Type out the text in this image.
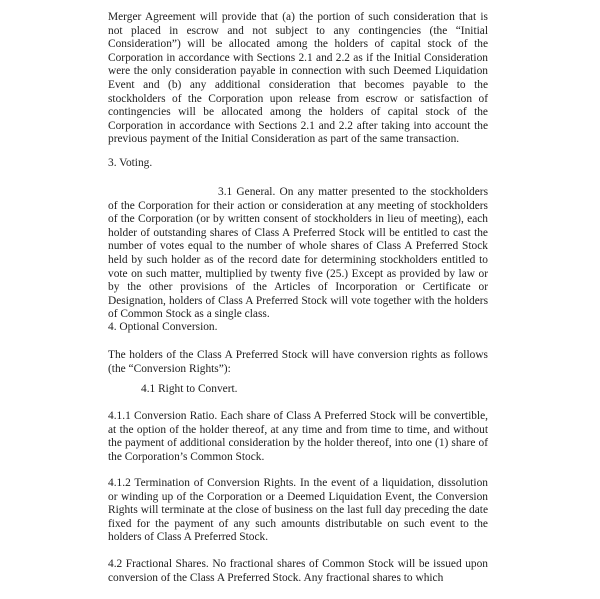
Merger Agreement will provide that (a) the portion of such consideration that is not placed in escrow and not subject to any contingencies (the “Initial Consideration”) will be allocated among the holders of capital stock of the Corporation in accordance with Sections 2.1 and 2.2 as if the Initial Consideration were the only consideration payable in connection with such Deemed Liquidation Event and (b) any additional consideration that becomes payable to the stockholders of the Corporation upon release from escrow or satisfaction of contingencies will be allocated among the holders of capital stock of the Corporation in accordance with Sections 2.1 and 2.2 after taking into account the previous payment of the Initial Consideration as part of the same transaction.

3. Voting.

3.1 General. On any matter presented to the stockholders of the Corporation for their action or consideration at any meeting of stockholders of the Corporation (or by written consent of stockholders in lieu of meeting), each holder of outstanding shares of Class A Preferred Stock will be entitled to cast the number of votes equal to the number of whole shares of Class A Preferred Stock held by such holder as of the record date for determining stockholders entitled to vote on such matter, multiplied by twenty five (25.) Except as provided by law or by the other provisions of the Articles of Incorporation or Certificate or Designation, holders of Class A Preferred Stock will vote together with the holders of Common Stock as a single class.

4. Optional Conversion.

The holders of the Class A Preferred Stock will have conversion rights as follows (the “Conversion Rights”):

4.1 Right to Convert.

4.1.1 Conversion Ratio. Each share of Class A Preferred Stock will be convertible, at the option of the holder thereof, at any time and from time to time, and without the payment of additional consideration by the holder thereof, into one (1) share of the Corporation’s Common Stock.

4.1.2 Termination of Conversion Rights. In the event of a liquidation, dissolution or winding up of the Corporation or a Deemed Liquidation Event, the Conversion Rights will terminate at the close of business on the last full day preceding the date fixed for the payment of any such amounts distributable on such event to the holders of Class A Preferred Stock.

4.2 Fractional Shares. No fractional shares of Common Stock will be issued upon conversion of the Class A Preferred Stock. Any fractional shares to which
